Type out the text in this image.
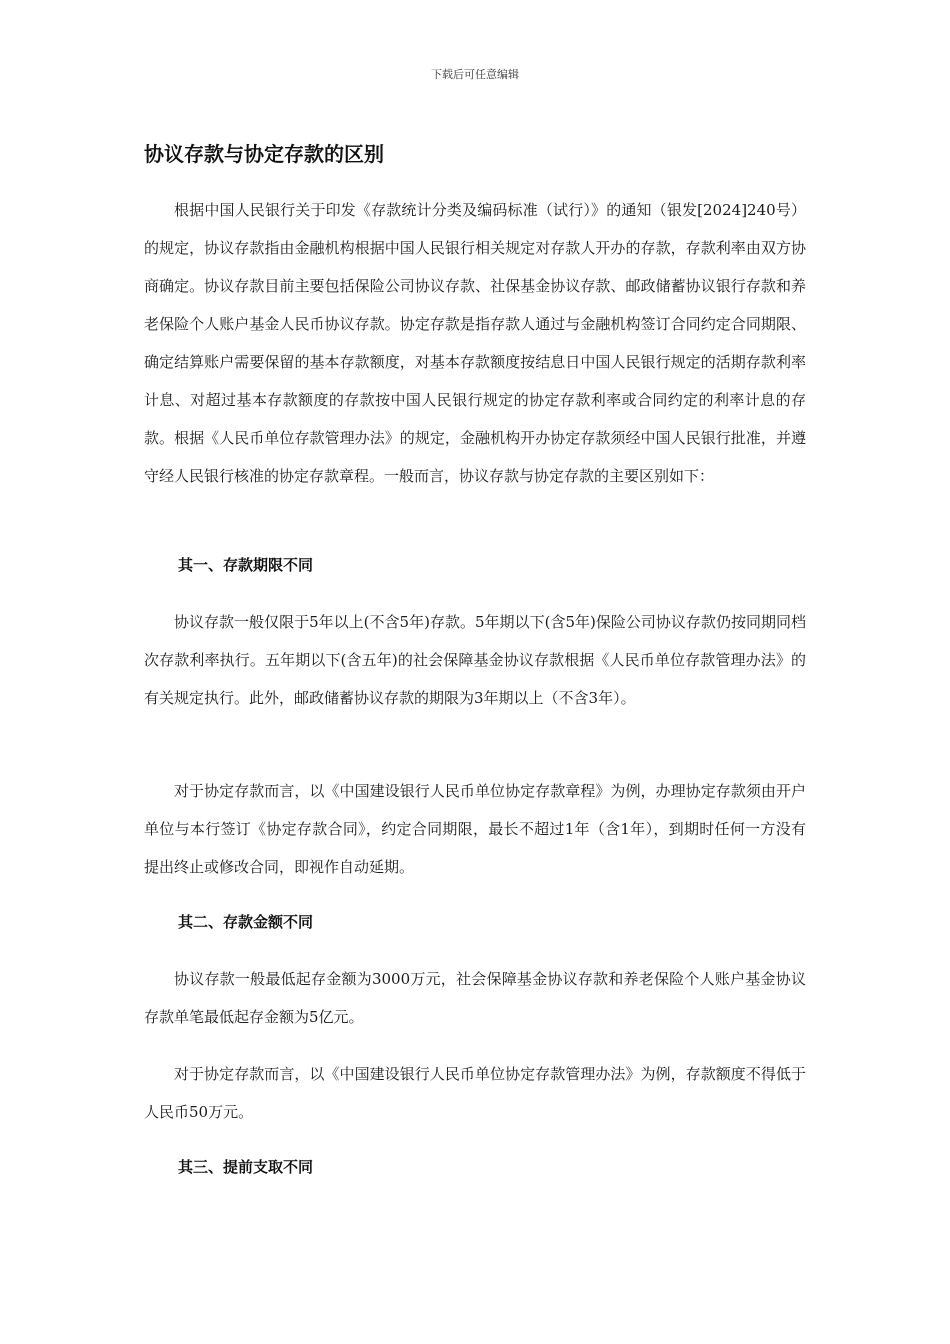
下载后可任意编辑
协议存款与协定存款的区别

根据中国人民银行关于印发《存款统计分类及编码标准（试行）》的通知（银发[2024]240号）的规定，协议存款指由金融机构根据中国人民银行相关规定对存款人开办的存款，存款利率由双方协商确定。协议存款目前主要包括保险公司协议存款、社保基金协议存款、邮政储蓄协议银行存款和养老保险个人账户基金人民币协议存款。协定存款是指存款人通过与金融机构签订合同约定合同期限、确定结算账户需要保留的基本存款额度，对基本存款额度按结息日中国人民银行规定的活期存款利率计息、对超过基本存款额度的存款按中国人民银行规定的协定存款利率或合同约定的利率计息的存款。根据《人民币单位存款管理办法》的规定，金融机构开办协定存款须经中国人民银行批准，并遵守经人民银行核准的协定存款章程。一般而言，协议存款与协定存款的主要区别如下：

其一、存款期限不同

协议存款一般仅限于5年以上(不含5年)存款。5年期以下(含5年)保险公司协议存款仍按同期同档次存款利率执行。五年期以下(含五年)的社会保障基金协议存款根据《人民币单位存款管理办法》的有关规定执行。此外，邮政储蓄协议存款的期限为3年期以上（不含3年）。

对于协定存款而言，以《中国建设银行人民币单位协定存款章程》为例，办理协定存款须由开户单位与本行签订《协定存款合同》，约定合同期限，最长不超过1年（含1年），到期时任何一方没有提出终止或修改合同，即视作自动延期。

其二、存款金额不同

协议存款一般最低起存金额为3000万元，社会保障基金协议存款和养老保险个人账户基金协议存款单笔最低起存金额为5亿元。

对于协定存款而言，以《中国建设银行人民币单位协定存款管理办法》为例，存款额度不得低于人民币50万元。

其三、提前支取不同
